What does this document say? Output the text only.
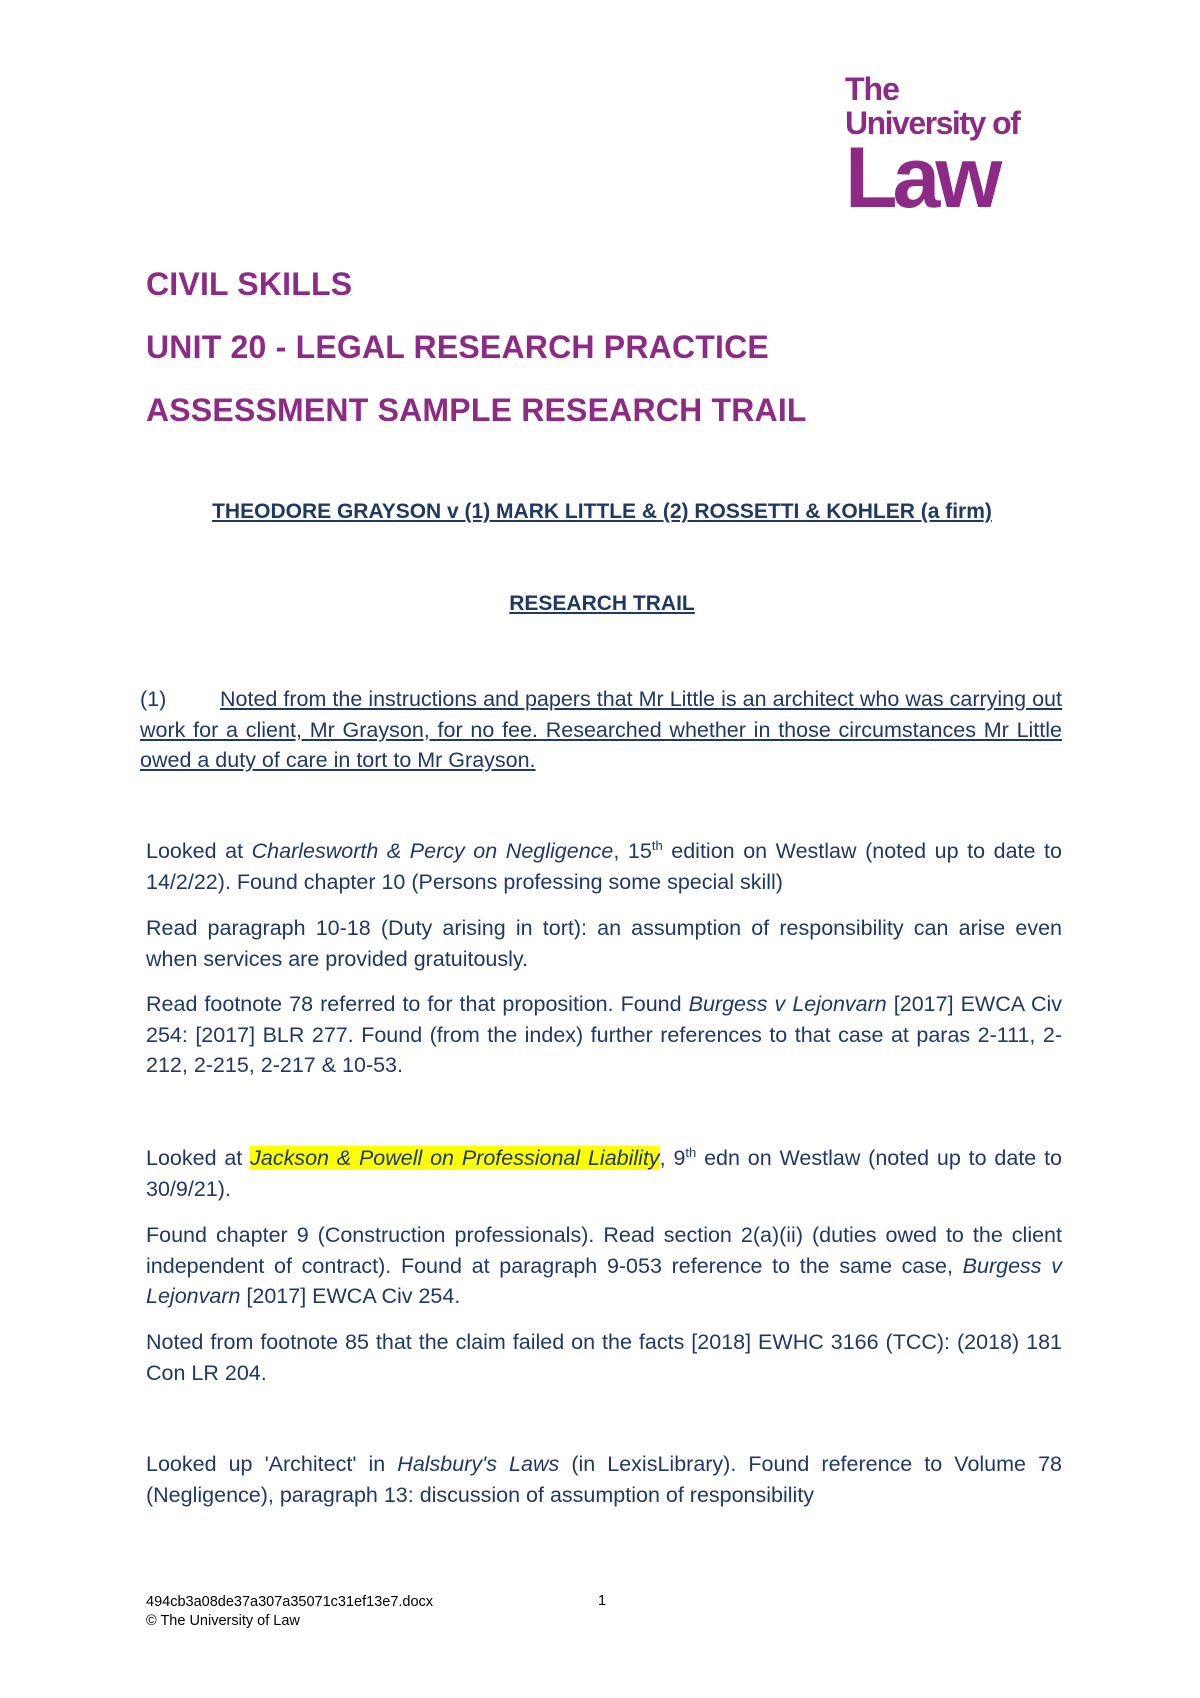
The
University of
Law
CIVIL SKILLS
UNIT 20 - LEGAL RESEARCH PRACTICE
ASSESSMENT SAMPLE RESEARCH TRAIL
THEODORE GRAYSON v (1) MARK LITTLE & (2) ROSSETTI & KOHLER (a firm)
RESEARCH TRAIL

(1) Noted from the instructions and papers that Mr Little is an architect who was carrying out work for a client, Mr Grayson, for no fee. Researched whether in those circumstances Mr Little owed a duty of care in tort to Mr Grayson.

Looked at Charlesworth & Percy on Negligence, 15th edition on Westlaw (noted up to date to 14/2/22). Found chapter 10 (Persons professing some special skill)

Read paragraph 10-18 (Duty arising in tort): an assumption of responsibility can arise even when services are provided gratuitously.

Read footnote 78 referred to for that proposition. Found Burgess v Lejonvarn [2017] EWCA Civ 254: [2017] BLR 277. Found (from the index) further references to that case at paras 2-111, 2-212, 2-215, 2-217 & 10-53.

Looked at Jackson & Powell on Professional Liability, 9th edn on Westlaw (noted up to date to 30/9/21).

Found chapter 9 (Construction professionals). Read section 2(a)(ii) (duties owed to the client independent of contract). Found at paragraph 9-053 reference to the same case, Burgess v Lejonvarn [2017] EWCA Civ 254.

Noted from footnote 85 that the claim failed on the facts [2018] EWHC 3166 (TCC): (2018) 181 Con LR 204.

Looked up 'Architect' in Halsbury's Laws (in LexisLibrary). Found reference to Volume 78 (Negligence), paragraph 13: discussion of assumption of responsibility

494cb3a08de37a307a35071c31ef13e7.docx
© The University of Law
1
